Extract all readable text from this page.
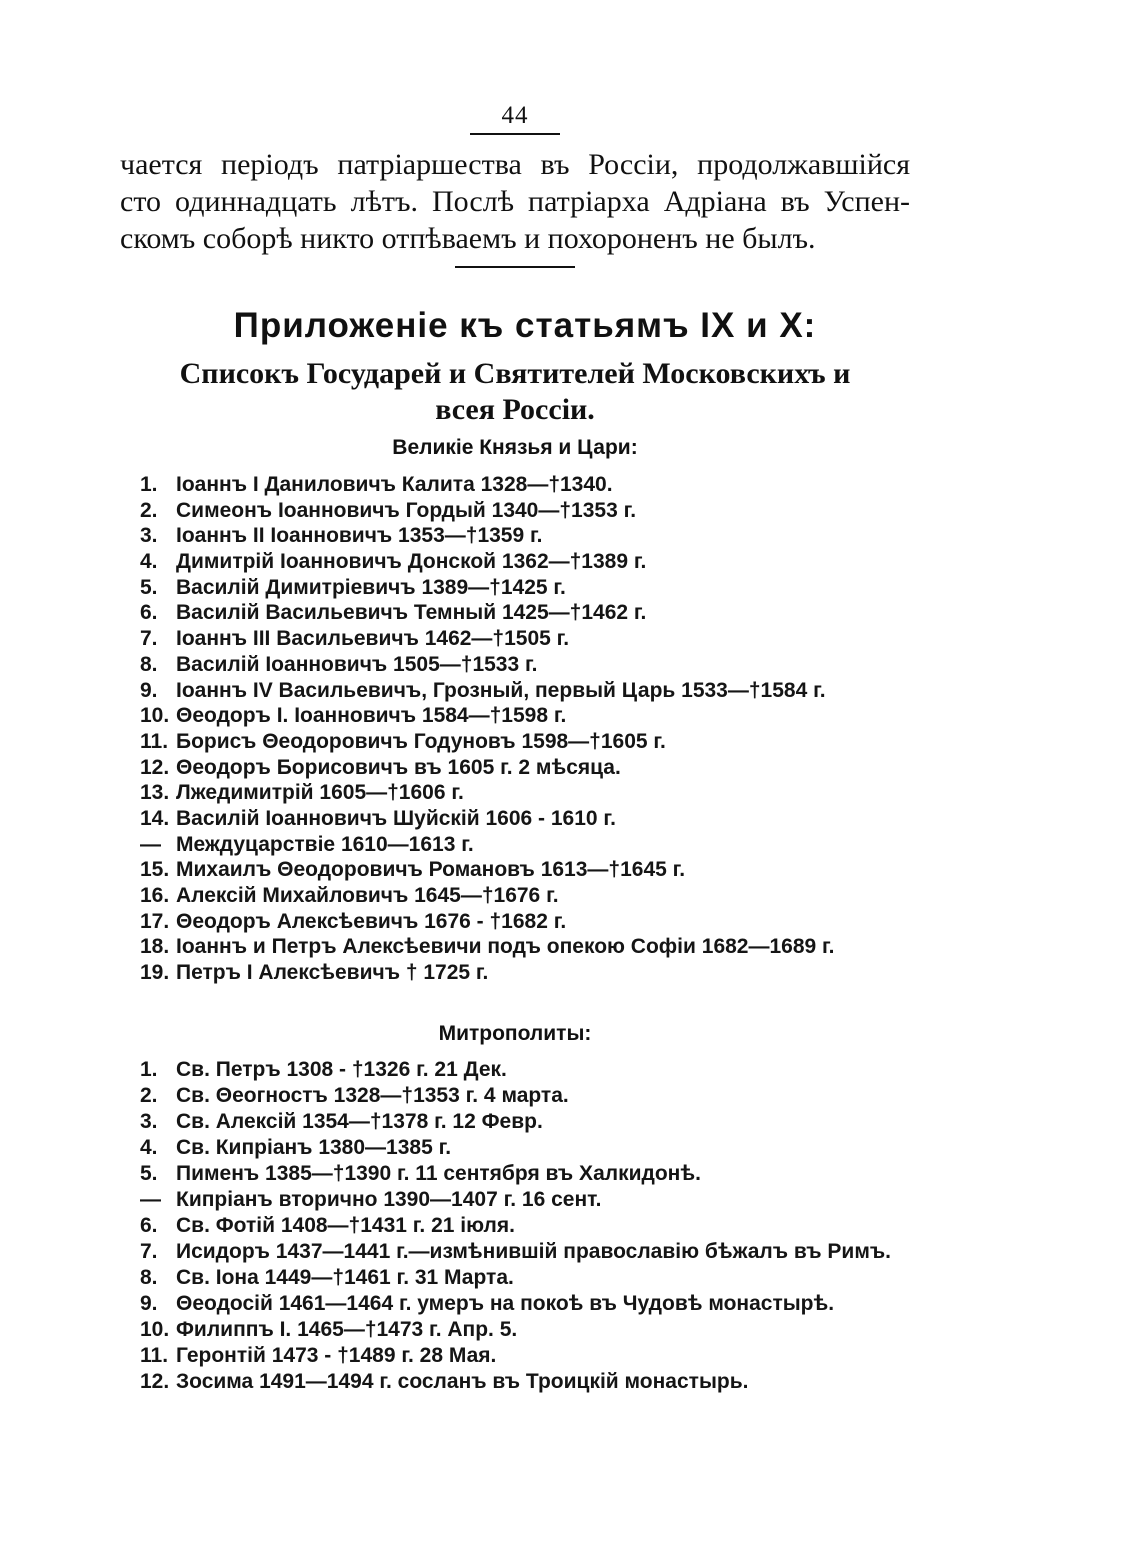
44
чается періодъ патріаршества въ Россіи, продолжавшійся
сто одиннадцать лѣтъ. Послѣ патріарха Адріана въ Успен-
скомъ соборѣ никто отпѣваемъ и похороненъ не былъ.
Приложеніе къ статьямъ IX и X:
Списокъ Государей и Святителей Московскихъ и
всея Россіи.
Великіе Князья и Цари:
1. Іоаннъ I Даниловичъ Калита 1328—†1340.
2. Симеонъ Іоанновичъ Гордый 1340—†1353 г.
3. Іоаннъ II Іоанновичъ 1353—†1359 г.
4. Димитрій Іоанновичъ Донской 1362—†1389 г.
5. Василій Димитріевичъ 1389—†1425 г.
6. Василій Васильевичъ Темный 1425—†1462 г.
7. Іоаннъ III Васильевичъ 1462—†1505 г.
8. Василій Іоанновичъ 1505—†1533 г.
9. Іоаннъ IV Васильевичъ, Грозный, первый Царь 1533—†1584 г.
10. Θеодоръ I. Іоанновичъ 1584—†1598 г.
11. Борисъ Θеодоровичъ Годуновъ 1598—†1605 г.
12. Θеодоръ Борисовичъ въ 1605 г. 2 мѣсяца.
13. Лжедимитрій 1605—†1606 г.
14. Василій Іоанновичъ Шуйскій 1606 - 1610 г.
— Междуцарствіе 1610—1613 г.
15. Михаилъ Θеодоровичъ Романовъ 1613—†1645 г.
16. Алексій Михайловичъ 1645—†1676 г.
17. Θеодоръ Алексѣевичъ 1676 - †1682 г.
18. Іоаннъ и Петръ Алексѣевичи подъ опекою Софіи 1682—1689 г.
19. Петръ I Алексѣевичъ † 1725 г.
Митрополиты:
1. Св. Петръ 1308 - †1326 г. 21 Дек.
2. Св. Θеогностъ 1328—†1353 г. 4 марта.
3. Св. Алексій 1354—†1378 г. 12 Февр.
4. Св. Кипріанъ 1380—1385 г.
5. Пименъ 1385—†1390 г. 11 сентября въ Халкидонѣ.
— Кипріанъ вторично 1390—1407 г. 16 сент.
6. Св. Фотій 1408—†1431 г. 21 іюля.
7. Исидоръ 1437—1441 г.—измѣнившій православію бѣжалъ въ Римъ.
8. Св. Іона 1449—†1461 г. 31 Марта.
9. Θеодосій 1461—1464 г. умеръ на покоѣ въ Чудовѣ монастырѣ.
10. Филиппъ I. 1465—†1473 г. Апр. 5.
11. Геронтій 1473 - †1489 г. 28 Мая.
12. Зосима 1491—1494 г. сосланъ въ Троицкій монастырь.
